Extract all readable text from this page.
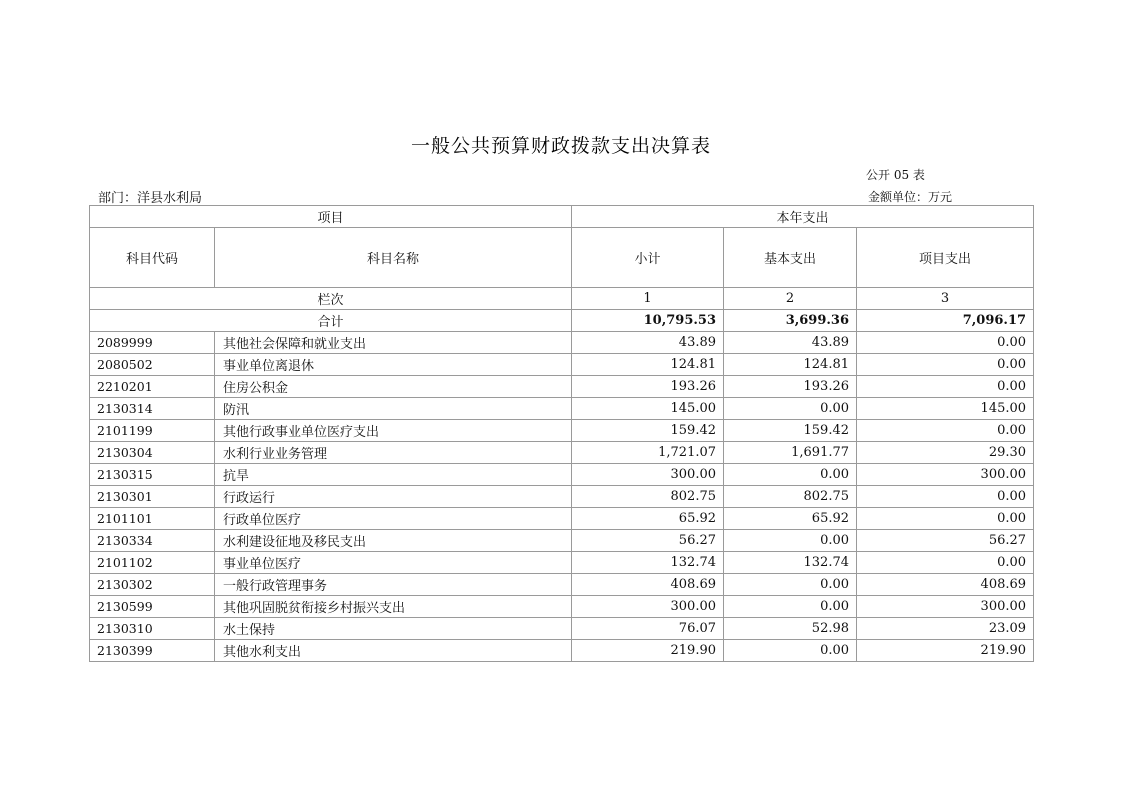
一般公共预算财政拨款支出决算表
公开 05 表
部门：洋县水利局	金额单位：万元
项目		本年支出		
科目代码	科目名称	小计	基本支出	项目支出
栏次		1	2	3
合计		10,795.53	3,699.36	7,096.17
2089999	其他社会保障和就业支出	43.89	43.89	0.00
2080502	事业单位离退休	124.81	124.81	0.00
2210201	住房公积金	193.26	193.26	0.00
2130314	防汛	145.00	0.00	145.00
2101199	其他行政事业单位医疗支出	159.42	159.42	0.00
2130304	水利行业业务管理	1,721.07	1,691.77	29.30
2130315	抗旱	300.00	0.00	300.00
2130301	行政运行	802.75	802.75	0.00
2101101	行政单位医疗	65.92	65.92	0.00
2130334	水利建设征地及移民支出	56.27	0.00	56.27
2101102	事业单位医疗	132.74	132.74	0.00
2130302	一般行政管理事务	408.69	0.00	408.69
2130599	其他巩固脱贫衔接乡村振兴支出	300.00	0.00	300.00
2130310	水土保持	76.07	52.98	23.09
2130399	其他水利支出	219.90	0.00	219.90
